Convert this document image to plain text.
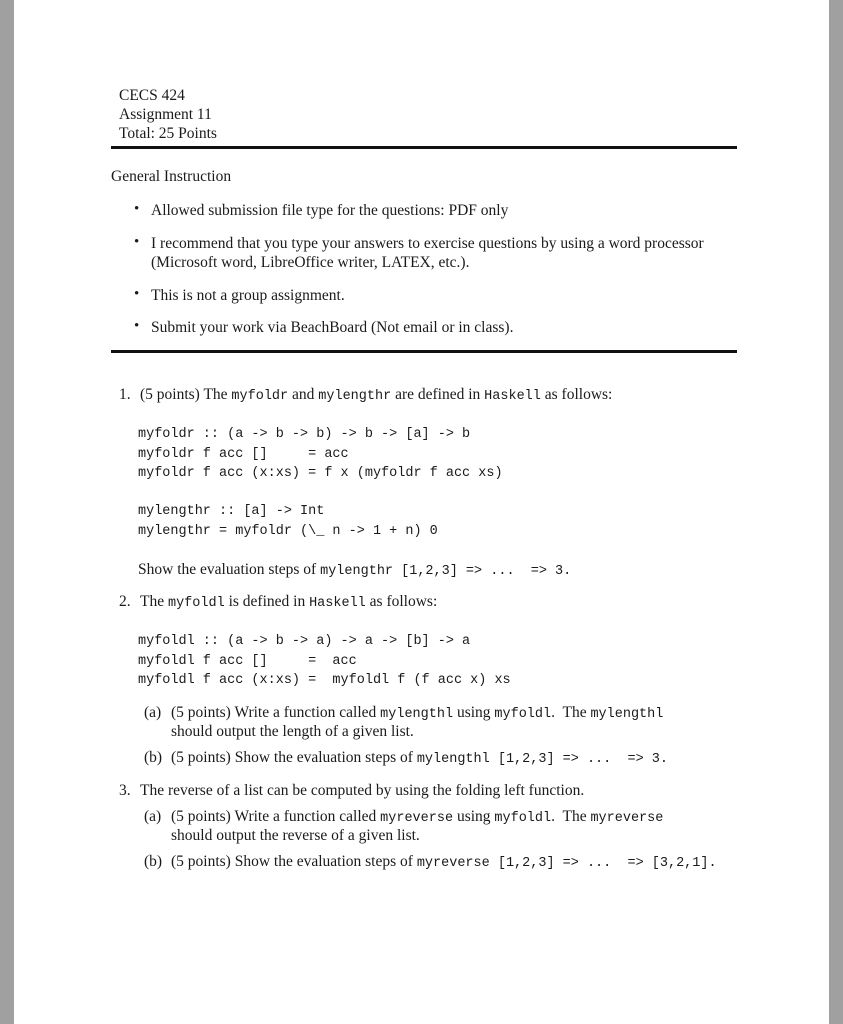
CECS 424
Assignment 11
Total: 25 Points
General Instruction
• Allowed submission file type for the questions: PDF only
• I recommend that you type your answers to exercise questions by using a word processor
(Microsoft word, LibreOffice writer, LATEX, etc.).
• This is not a group assignment.
• Submit your work via BeachBoard (Not email or in class).
1. (5 points) The myfoldr and mylengthr are defined in Haskell as follows:
myfoldr :: (a -> b -> b) -> b -> [a] -> b
myfoldr f acc []     = acc
myfoldr f acc (x:xs) = f x (myfoldr f acc xs)
mylengthr :: [a] -> Int
mylengthr = myfoldr (\_ n -> 1 + n) 0
Show the evaluation steps of mylengthr [1,2,3] => ...  => 3.
2. The myfoldl is defined in Haskell as follows:
myfoldl :: (a -> b -> a) -> a -> [b] -> a
myfoldl f acc []     =  acc
myfoldl f acc (x:xs) =  myfoldl f (f acc x) xs
(a) (5 points) Write a function called mylengthl using myfoldl.  The mylengthl
should output the length of a given list.
(b) (5 points) Show the evaluation steps of mylengthl [1,2,3] => ...  => 3.
3. The reverse of a list can be computed by using the folding left function.
(a) (5 points) Write a function called myreverse using myfoldl.  The myreverse
should output the reverse of a given list.
(b) (5 points) Show the evaluation steps of myreverse [1,2,3] => ...  => [3,2,1].
